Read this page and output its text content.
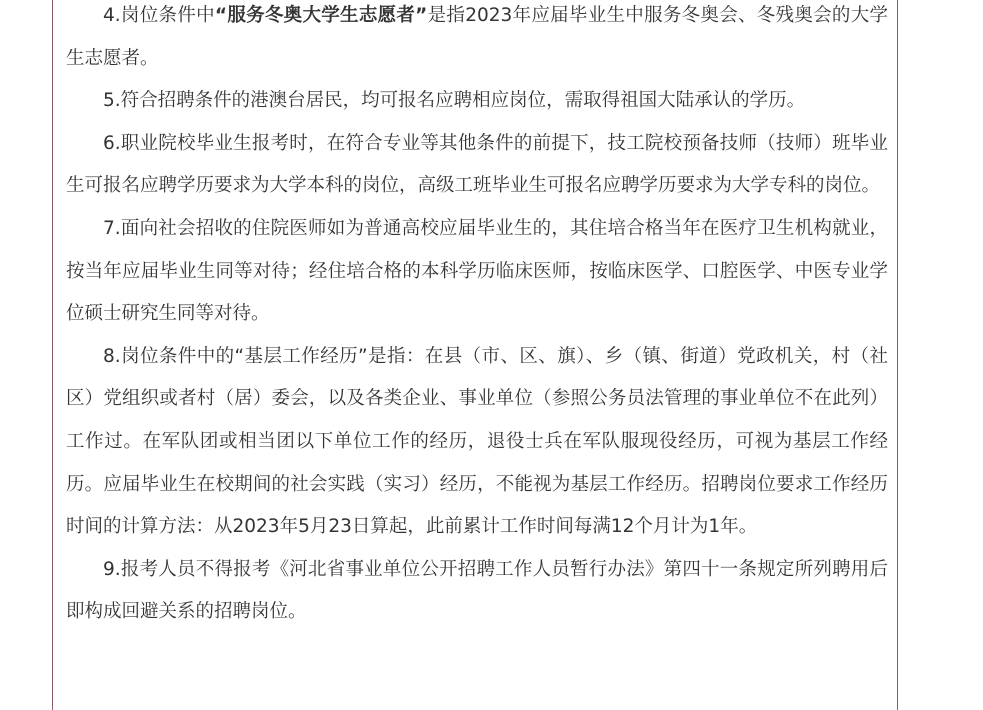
4.岗位条件中“服务冬奥大学生志愿者”是指2023年应届毕业生中服务冬奥会、冬残奥会的大学生志愿者。

5.符合招聘条件的港澳台居民，均可报名应聘相应岗位，需取得祖国大陆承认的学历。

6.职业院校毕业生报考时，在符合专业等其他条件的前提下，技工院校预备技师（技师）班毕业生可报名应聘学历要求为大学本科的岗位，高级工班毕业生可报名应聘学历要求为大学专科的岗位。

7.面向社会招收的住院医师如为普通高校应届毕业生的，其住培合格当年在医疗卫生机构就业，按当年应届毕业生同等对待；经住培合格的本科学历临床医师，按临床医学、口腔医学、中医专业学位硕士研究生同等对待。

8.岗位条件中的“基层工作经历”是指：在县（市、区、旗）、乡（镇、街道）党政机关，村（社区）党组织或者村（居）委会，以及各类企业、事业单位（参照公务员法管理的事业单位不在此列）工作过。在军队团或相当团以下单位工作的经历，退役士兵在军队服现役经历，可视为基层工作经历。应届毕业生在校期间的社会实践（实习）经历，不能视为基层工作经历。招聘岗位要求工作经历时间的计算方法：从2023年5月23日算起，此前累计工作时间每满12个月计为1年。

9.报考人员不得报考《河北省事业单位公开招聘工作人员暂行办法》第四十一条规定所列聘用后即构成回避关系的招聘岗位。
